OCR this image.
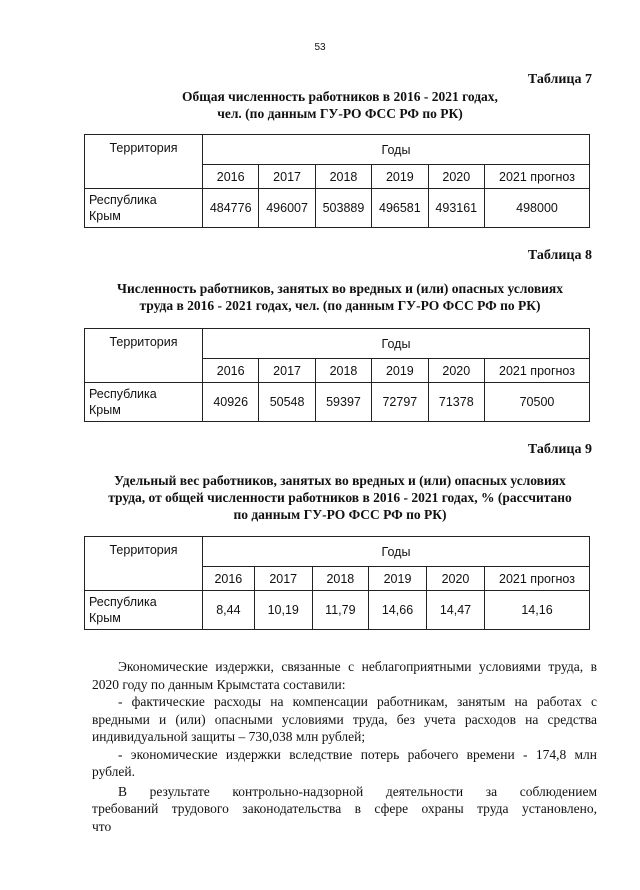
53
Таблица 7
Общая численность работников в 2016 - 2021 годах,
чел. (по данным ГУ-РО ФСС РФ по РК)
Территория	Годы					
	2016	2017	2018	2019	2020	2021 прогноз
Республика
Крым	484776	496007	503889	496581	493161	498000
Таблица 8
Численность работников, занятых во вредных и (или) опасных условиях
труда в 2016 - 2021 годах, чел. (по данным ГУ-РО ФСС РФ по РК)
Территория	Годы					
	2016	2017	2018	2019	2020	2021 прогноз
Республика
Крым	40926	50548	59397	72797	71378	70500
Таблица 9
Удельный вес работников, занятых во вредных и (или) опасных условиях
труда, от общей численности работников в 2016 - 2021 годах, % (рассчитано
по данным ГУ-РО ФСС РФ по РК)
Территория	Годы					
	2016	2017	2018	2019	2020	2021 прогноз
Республика
Крым	8,44	10,19	11,79	14,66	14,47	14,16

Экономические издержки, связанные с неблагоприятными условиями труда, в 2020 году по данным Крымстата составили:

- фактические расходы на компенсации работникам, занятым на работах с вредными и (или) опасными условиями труда, без учета расходов на средства индивидуальной защиты – 730,038 млн рублей;

- экономические издержки вследствие потерь рабочего времени - 174,8 млн рублей.

В результате контрольно-надзорной деятельности за соблюдением требований трудового законодательства в сфере охраны труда установлено, что
